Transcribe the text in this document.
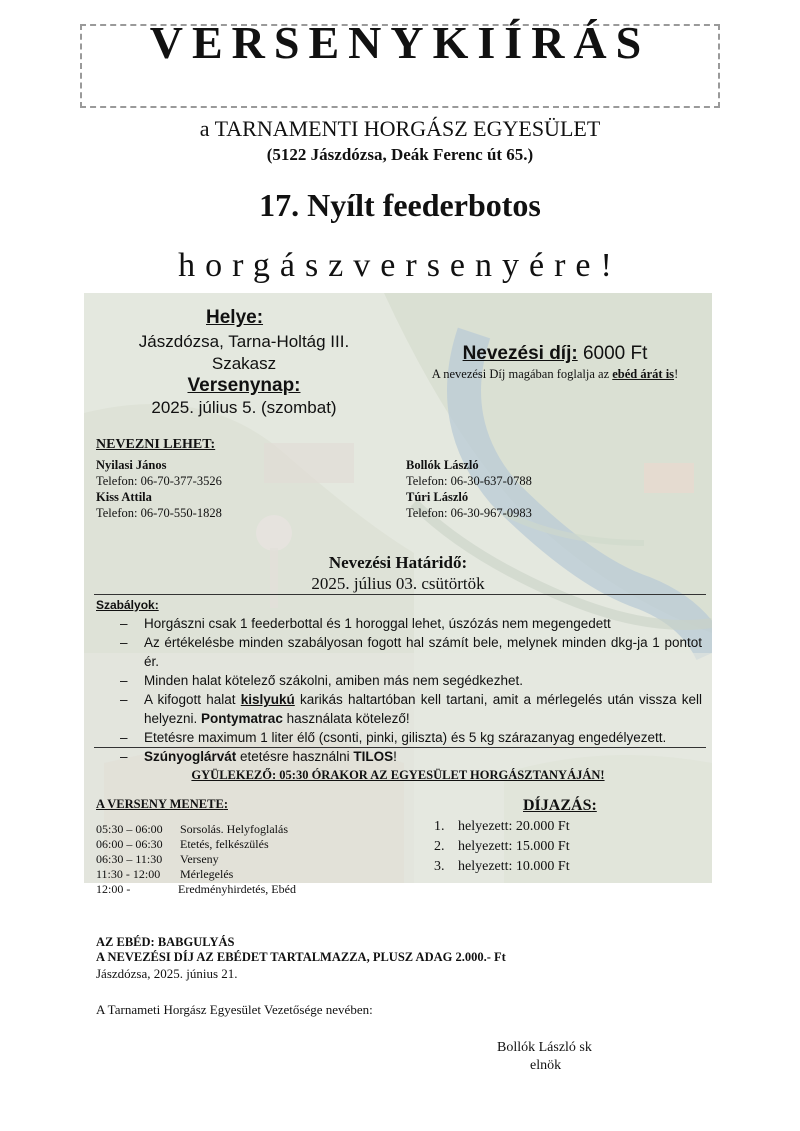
VERSENYKIÍRÁS
a TARNAMENTI HORGÁSZ EGYESÜLET
(5122 Jászdózsa, Deák Ferenc út 65.)
17. Nyílt feederbotos
horgászversenyére!
Helye:
Jászdózsa, Tarna-Holtág III.
Szakasz
Versenynap:
2025. július 5. (szombat)
Nevezési díj: 6000 Ft
A nevezési Díj magában foglalja az ebéd árát is!
NEVEZNI LEHET:
Nyilasi János
Telefon: 06-70-377-3526
Kiss Attila
Telefon: 06-70-550-1828
Bollók László
Telefon: 06-30-637-0788
Túri László
Telefon: 06-30-967-0983
Nevezési Határidő:
2025. július 03. csütörtök
Szabályok:
– Horgászni csak 1 feederbottal és 1 horoggal lehet, úszózás nem megengedett
– Az értékelésbe minden szabályosan fogott hal számít bele, melynek minden dkg-ja 1 pontot ér.
– Minden halat kötelező szákolni, amiben más nem segédkezhet.
– A kifogott halat kislyukú karikás haltartóban kell tartani, amit a mérlegelés után vissza kell helyezni. Pontymatrac használata kötelező!
– Etetésre maximum 1 liter élő (csonti, pinki, giliszta) és 5 kg szárazanyag engedélyezett.
– Szúnyoglárvát etetésre használni TILOS!
GYÜLEKEZŐ: 05:30 ÓRAKOR AZ EGYESÜLET HORGÁSZTANYÁJÁN!
A VERSENY MENETE:
05:30 – 06:00 Sorsolás. Helyfoglalás
06:00 – 06:30 Etetés, felkészülés
06:30 – 11:30 Verseny
11:30 - 12:00 Mérlegelés
12:00 -	Eredményhirdetés, Ebéd
DÍJAZÁS:
1. helyezett: 20.000 Ft
2. helyezett: 15.000 Ft
3. helyezett: 10.000 Ft
AZ EBÉD: BABGULYÁS
A NEVEZÉSI DÍJ AZ EBÉDET TARTALMAZZA, PLUSZ ADAG 2.000.- Ft
Jászdózsa, 2025. június 21.
A Tarnameti Horgász Egyesület Vezetősége nevében:
Bollók László sk
elnök
